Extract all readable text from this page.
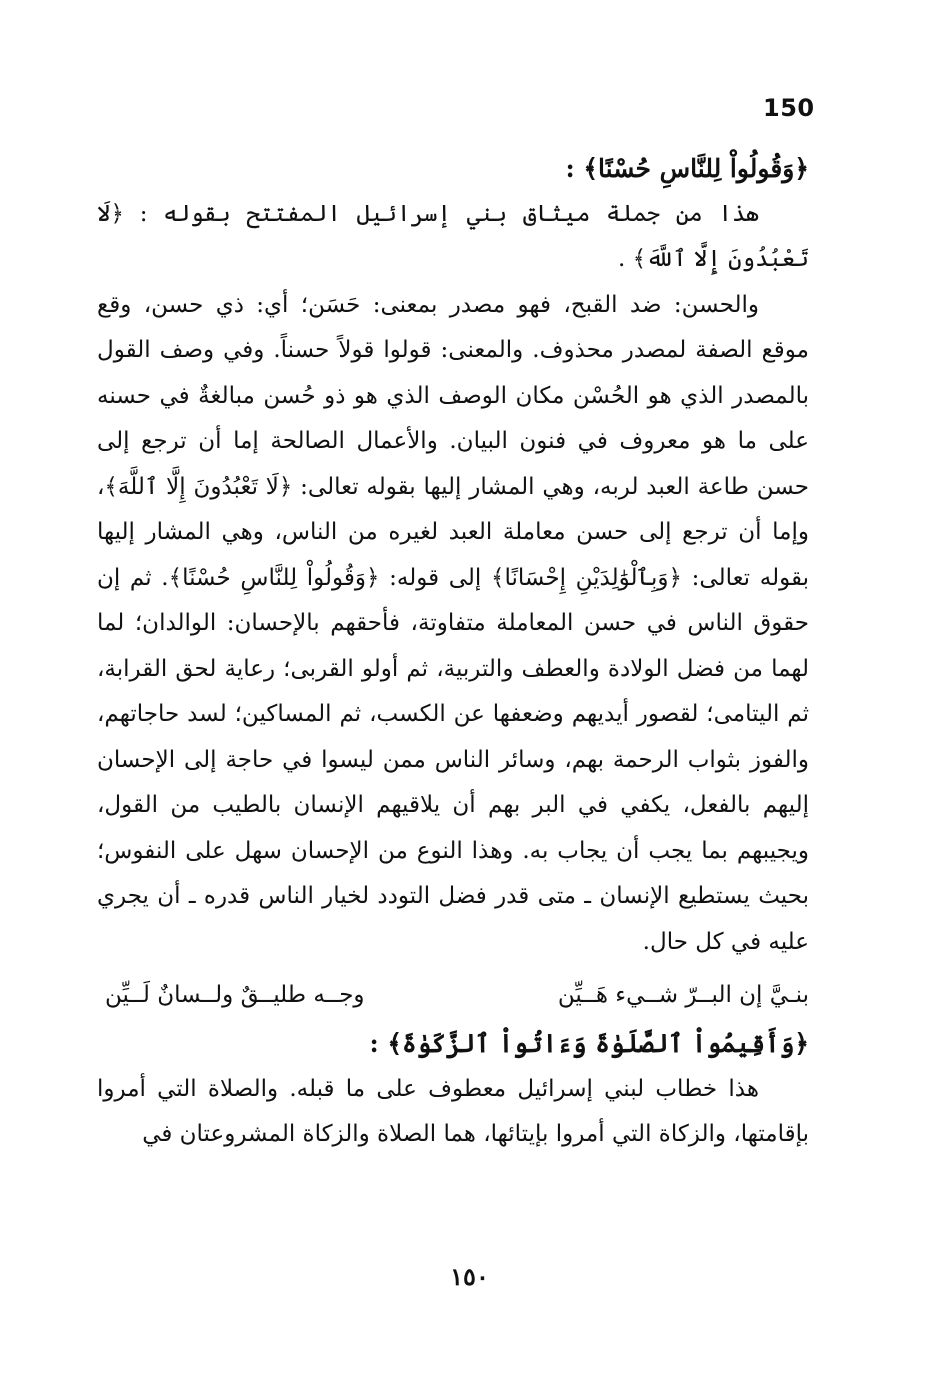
150

﴿وَقُولُواْ لِلنَّاسِ حُسْنًا﴾ :

هذا من جملة ميثاق بني إسرائيل المفتتح بقوله : ﴿لَا تَعْبُدُونَ إِلَّا ٱللَّهَ﴾ .

والحسن: ضد القبح، فهو مصدر بمعنى: حَسَن؛ أي: ذي حسن، وقع موقع الصفة لمصدر محذوف. والمعنى: قولوا قولاً حسناً. وفي وصف القول بالمصدر الذي هو الحُسْن مكان الوصف الذي هو ذو حُسن مبالغةٌ في حسنه على ما هو معروف في فنون البيان. والأعمال الصالحة إما أن ترجع إلى حسن طاعة العبد لربه، وهي المشار إليها بقوله تعالى: ﴿لَا تَعْبُدُونَ إِلَّا ٱللَّهَ﴾، وإما أن ترجع إلى حسن معاملة العبد لغيره من الناس، وهي المشار إليها بقوله تعالى: ﴿وَبِٱلْوَٰلِدَيْنِ إِحْسَانًا﴾ إلى قوله: ﴿وَقُولُواْ لِلنَّاسِ حُسْنًا﴾. ثم إن حقوق الناس في حسن المعاملة متفاوتة، فأحقهم بالإحسان: الوالدان؛ لما لهما من فضل الولادة والعطف والتربية، ثم أولو القربى؛ رعاية لحق القرابة، ثم اليتامى؛ لقصور أيديهم وضعفها عن الكسب، ثم المساكين؛ لسد حاجاتهم، والفوز بثواب الرحمة بهم، وسائر الناس ممن ليسوا في حاجة إلى الإحسان إليهم بالفعل، يكفي في البر بهم أن يلاقيهم الإنسان بالطيب من القول، ويجيبهم بما يجب أن يجاب به. وهذا النوع من الإحسان سهل على النفوس؛ بحيث يستطيع الإنسان ـ متى قدر فضل التودد لخيار الناس قدره ـ أن يجري عليه في كل حال.

بنـيَّ إن البــرّ شــيء هَــيِّن
وجــه طليــقٌ ولــسانٌ لَــيِّن

﴿وَأَقِيمُواْ ٱلصَّلَوٰةَ وَءَاتُواْ ٱلزَّكَوٰةَ﴾ :

هذا خطاب لبني إسرائيل معطوف على ما قبله. والصلاة التي أمروا بإقامتها، والزكاة التي أمروا بإيتائها، هما الصلاة والزكاة المشروعتان في

١٥٠
